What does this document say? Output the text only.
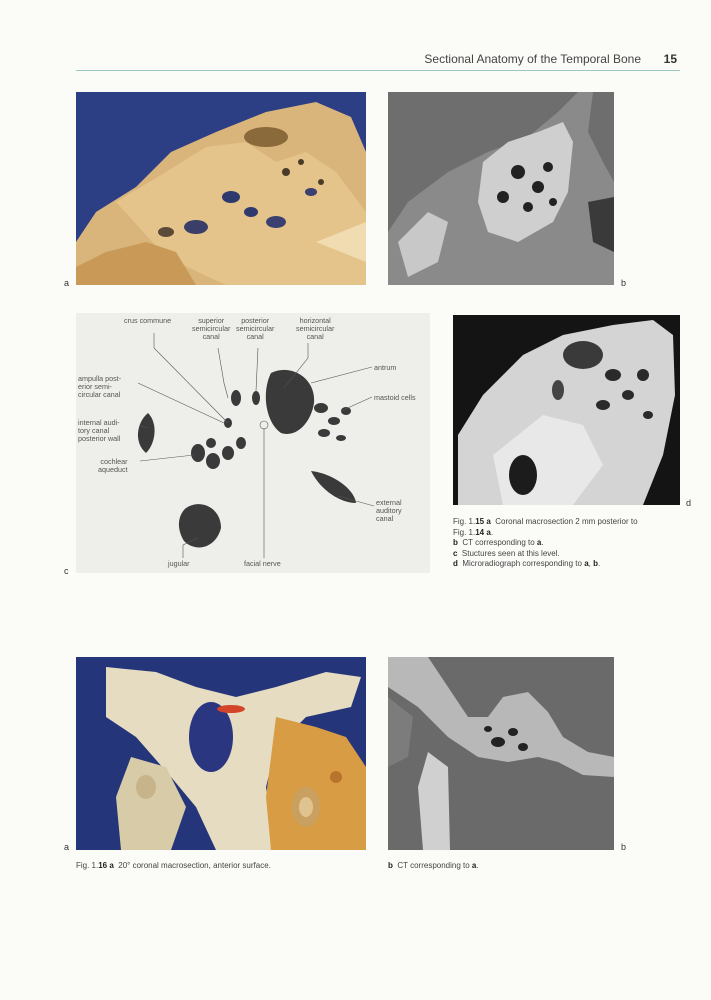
Sectional Anatomy of the Temporal Bone 15
a	b
crus commune	superior
semicircular
canal
posterior
semicircular
canal
horizontal
semicircular
canal
antrum
mastoid cells
ampulla post-
erior semi-
circular canal
internal audi-
tory canal
posterior wall
cochlear
aqueduct
external
auditory
canal
jugular	facial nerve
c
d
Fig. 1.15 a Coronal macrosection 2 mm posterior to
Fig. 1.14 a.
b CT corresponding to a.
c Stuctures seen at this level.
d Microradiograph corresponding to a, b.
a	b
Fig. 1.16 a 20° coronal macrosection, anterior surface.	b CT corresponding to a.
